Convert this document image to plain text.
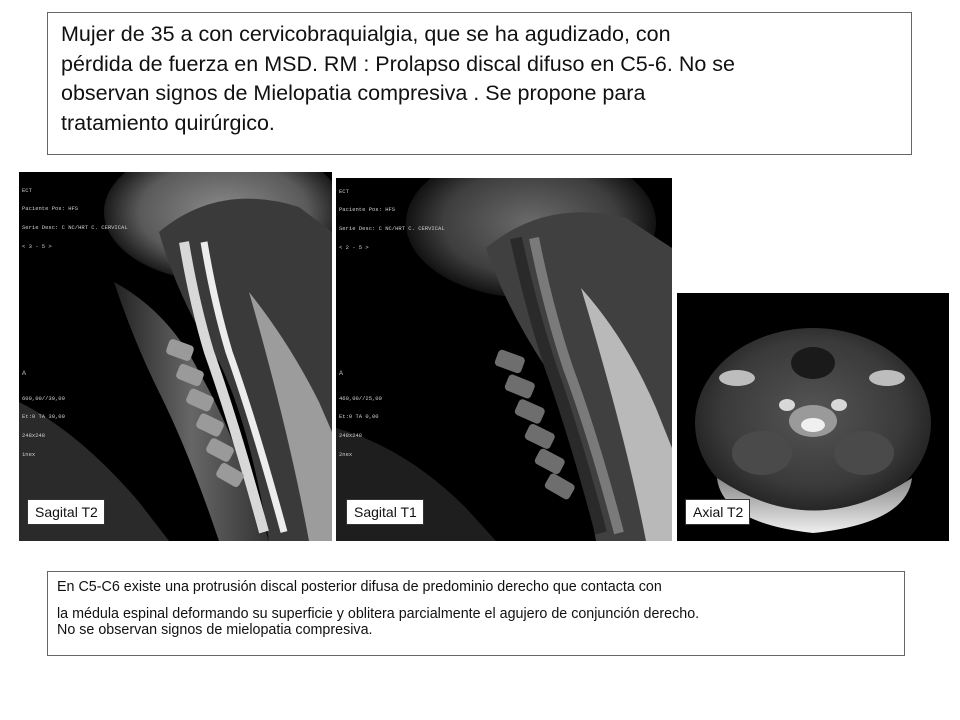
Mujer de 35 a con cervicobraquialgia, que se ha agudizado, con

pérdida de fuerza en MSD. RM : Prolapso discal difuso en C5-6. No se

observan signos de Mielopatia compresiva . Se propone para

tratamiento quirúrgico.

ECT

Paciente Pos: HFS

Serie Desc: C NC/HRT C. CERVICAL

< 3 - 5 >

A

600,00//30,00

Et:0 TA 30,00

248x248

1nex

Sagital T2

ECT

Paciente Pos: HFS

Serie Desc: C NC/HRT C. CERVICAL

< 2 - 5 >

A

460,00//25,00

Et:0 TA 0,00

248x248

2nex

Sagital T1	Axial T2

En C5-C6 existe una protrusión discal posterior difusa de predominio derecho que contacta con

la médula espinal deformando su superficie y oblitera parcialmente el agujero de conjunción derecho.

No se observan signos de mielopatia compresiva.
